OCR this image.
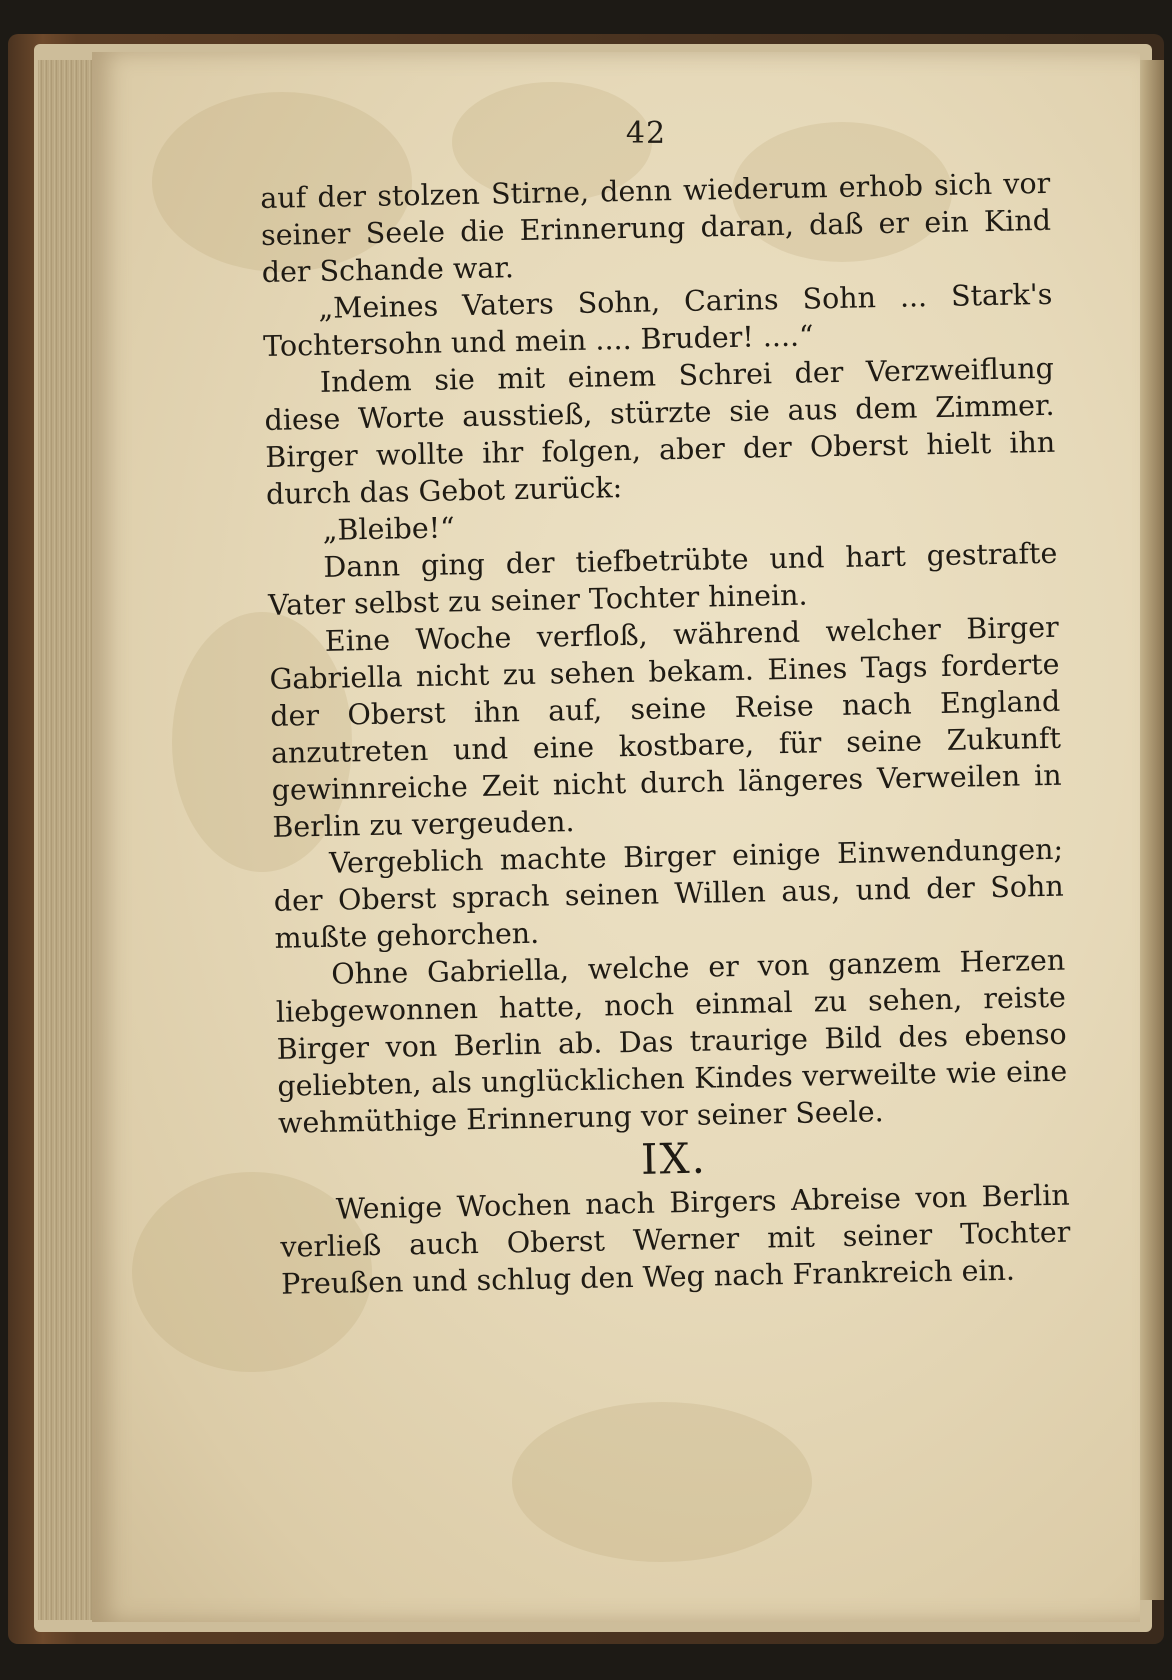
42

auf der stolzen Stirne, denn wiederum erhob sich vor seiner Seele die Erinnerung daran, daß er ein Kind der Schande war.

„Meines Vaters Sohn, Carins Sohn ... Stark's Tochtersohn und mein .... Bruder! ....“

Indem sie mit einem Schrei der Verzweiflung diese Worte ausstieß, stürzte sie aus dem Zimmer. Birger wollte ihr folgen, aber der Oberst hielt ihn durch das Gebot zurück:

„Bleibe!“

Dann ging der tiefbetrübte und hart gestrafte Vater selbst zu seiner Tochter hinein.

Eine Woche verfloß, während welcher Birger Gabriella nicht zu sehen bekam. Eines Tags forderte der Oberst ihn auf, seine Reise nach England anzutreten und eine kostbare, für seine Zukunft gewinnreiche Zeit nicht durch längeres Verweilen in Berlin zu vergeuden.

Vergeblich machte Birger einige Einwendungen; der Oberst sprach seinen Willen aus, und der Sohn mußte gehorchen.

Ohne Gabriella, welche er von ganzem Herzen liebgewonnen hatte, noch einmal zu sehen, reiste Birger von Berlin ab. Das traurige Bild des ebenso geliebten, als unglücklichen Kindes verweilte wie eine wehmüthige Erinnerung vor seiner Seele.

IX.

Wenige Wochen nach Birgers Abreise von Berlin verließ auch Oberst Werner mit seiner Tochter Preußen und schlug den Weg nach Frankreich ein.
